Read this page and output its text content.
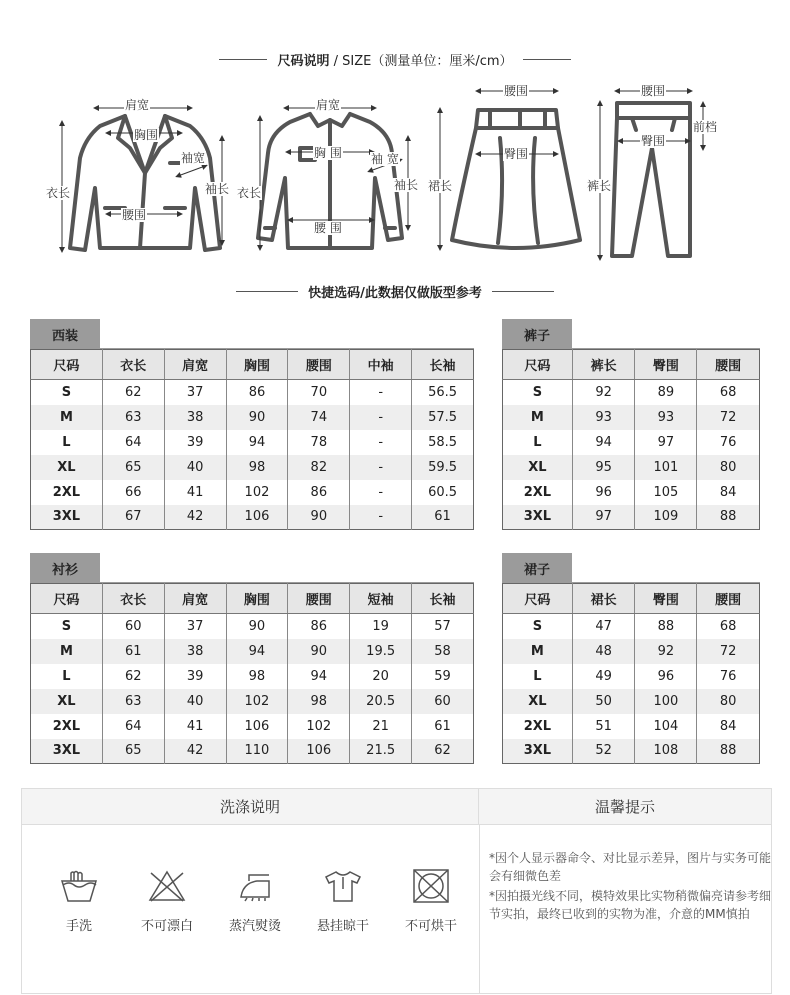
尺码说明 / SIZE（测量单位：厘米/cm）
肩宽
胸围
袖宽
衣长	袖长
腰围
肩宽
胸 围 袖 宽
衣长
袖长
腰 围
腰围
臀围
裙长
腰围
前档
臀围
裤长
快捷选码/此数据仅做版型参考
西装
尺码	衣长	肩宽	胸围	腰围	中袖	长袖
S	62	37	86	70	-	56.5
M	63	38	90	74	-	57.5
L	64	39	94	78	-	58.5
XL	65	40	98	82	-	59.5
2XL	66	41	102	86	-	60.5
3XL	67	42	106	90	-	61
裤子
尺码	裤长	臀围	腰围
S	92	89	68
M	93	93	72
L	94	97	76
XL	95	101	80
2XL	96	105	84
3XL	97	109	88
衬衫
尺码	衣长	肩宽	胸围	腰围	短袖	长袖
S	60	37	90	86	19	57
M	61	38	94	90	19.5	58
L	62	39	98	94	20	59
XL	63	40	102	98	20.5	60
2XL	64	41	106	102	21	61
3XL	65	42	110	106	21.5	62
裙子
尺码	裙长	臀围	腰围
S	47	88	68
M	48	92	72
L	49	96	76
XL	50	100	80
2XL	51	104	84
3XL	52	108	88
洗涤说明	温馨提示
手洗	不可漂白	蒸汽熨烫	悬挂晾干	不可烘干

*因个人显示器命令、对比显示差异，图片与实务可能会有细微色差

*因拍摄光线不同，模特效果比实物稍微偏亮请参考细节实拍，最终已收到的实物为准，介意的MM慎拍
